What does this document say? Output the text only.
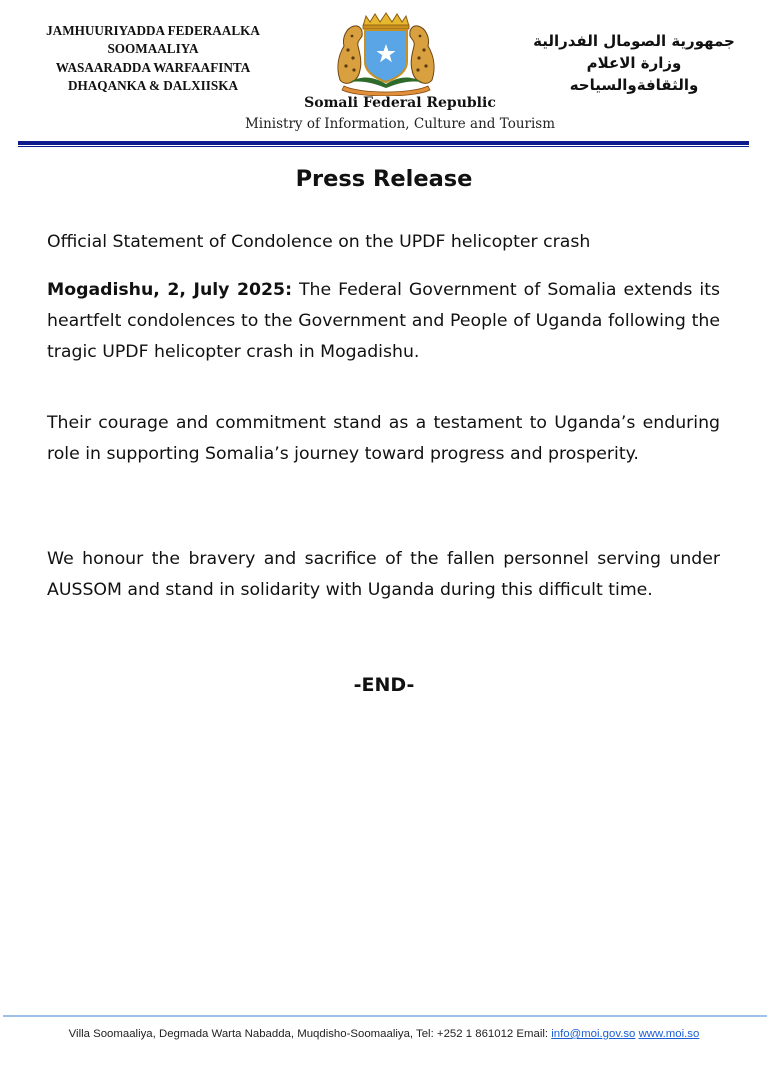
JAMHUURIYADDA FEDERAALKA
SOOMAALIYA
WASAARADDA WARFAAFINTA
DHAQANKA & DALXIISKA
جمهورية الصومال الفدرالية
وزارة الاعلام
والثقافةوالسياحه
Somali Federal Republic
Ministry of Information, Culture and Tourism
Press Release
Official Statement of Condolence on the UPDF helicopter crash
Mogadishu, 2, July 2025: The Federal Government of Somalia extends its heartfelt condolences to the Government and People of Uganda following the tragic UPDF helicopter crash in Mogadishu.
Their courage and commitment stand as a testament to Uganda’s enduring role in supporting Somalia’s journey toward progress and prosperity.
We honour the bravery and sacrifice of the fallen personnel serving under AUSSOM and stand in solidarity with Uganda during this difficult time.
-END-
Villa Soomaaliya, Degmada Warta Nabadda, Muqdisho-Soomaaliya, Tel: +252 1 861012 Email: info@moi.gov.so www.moi.so
